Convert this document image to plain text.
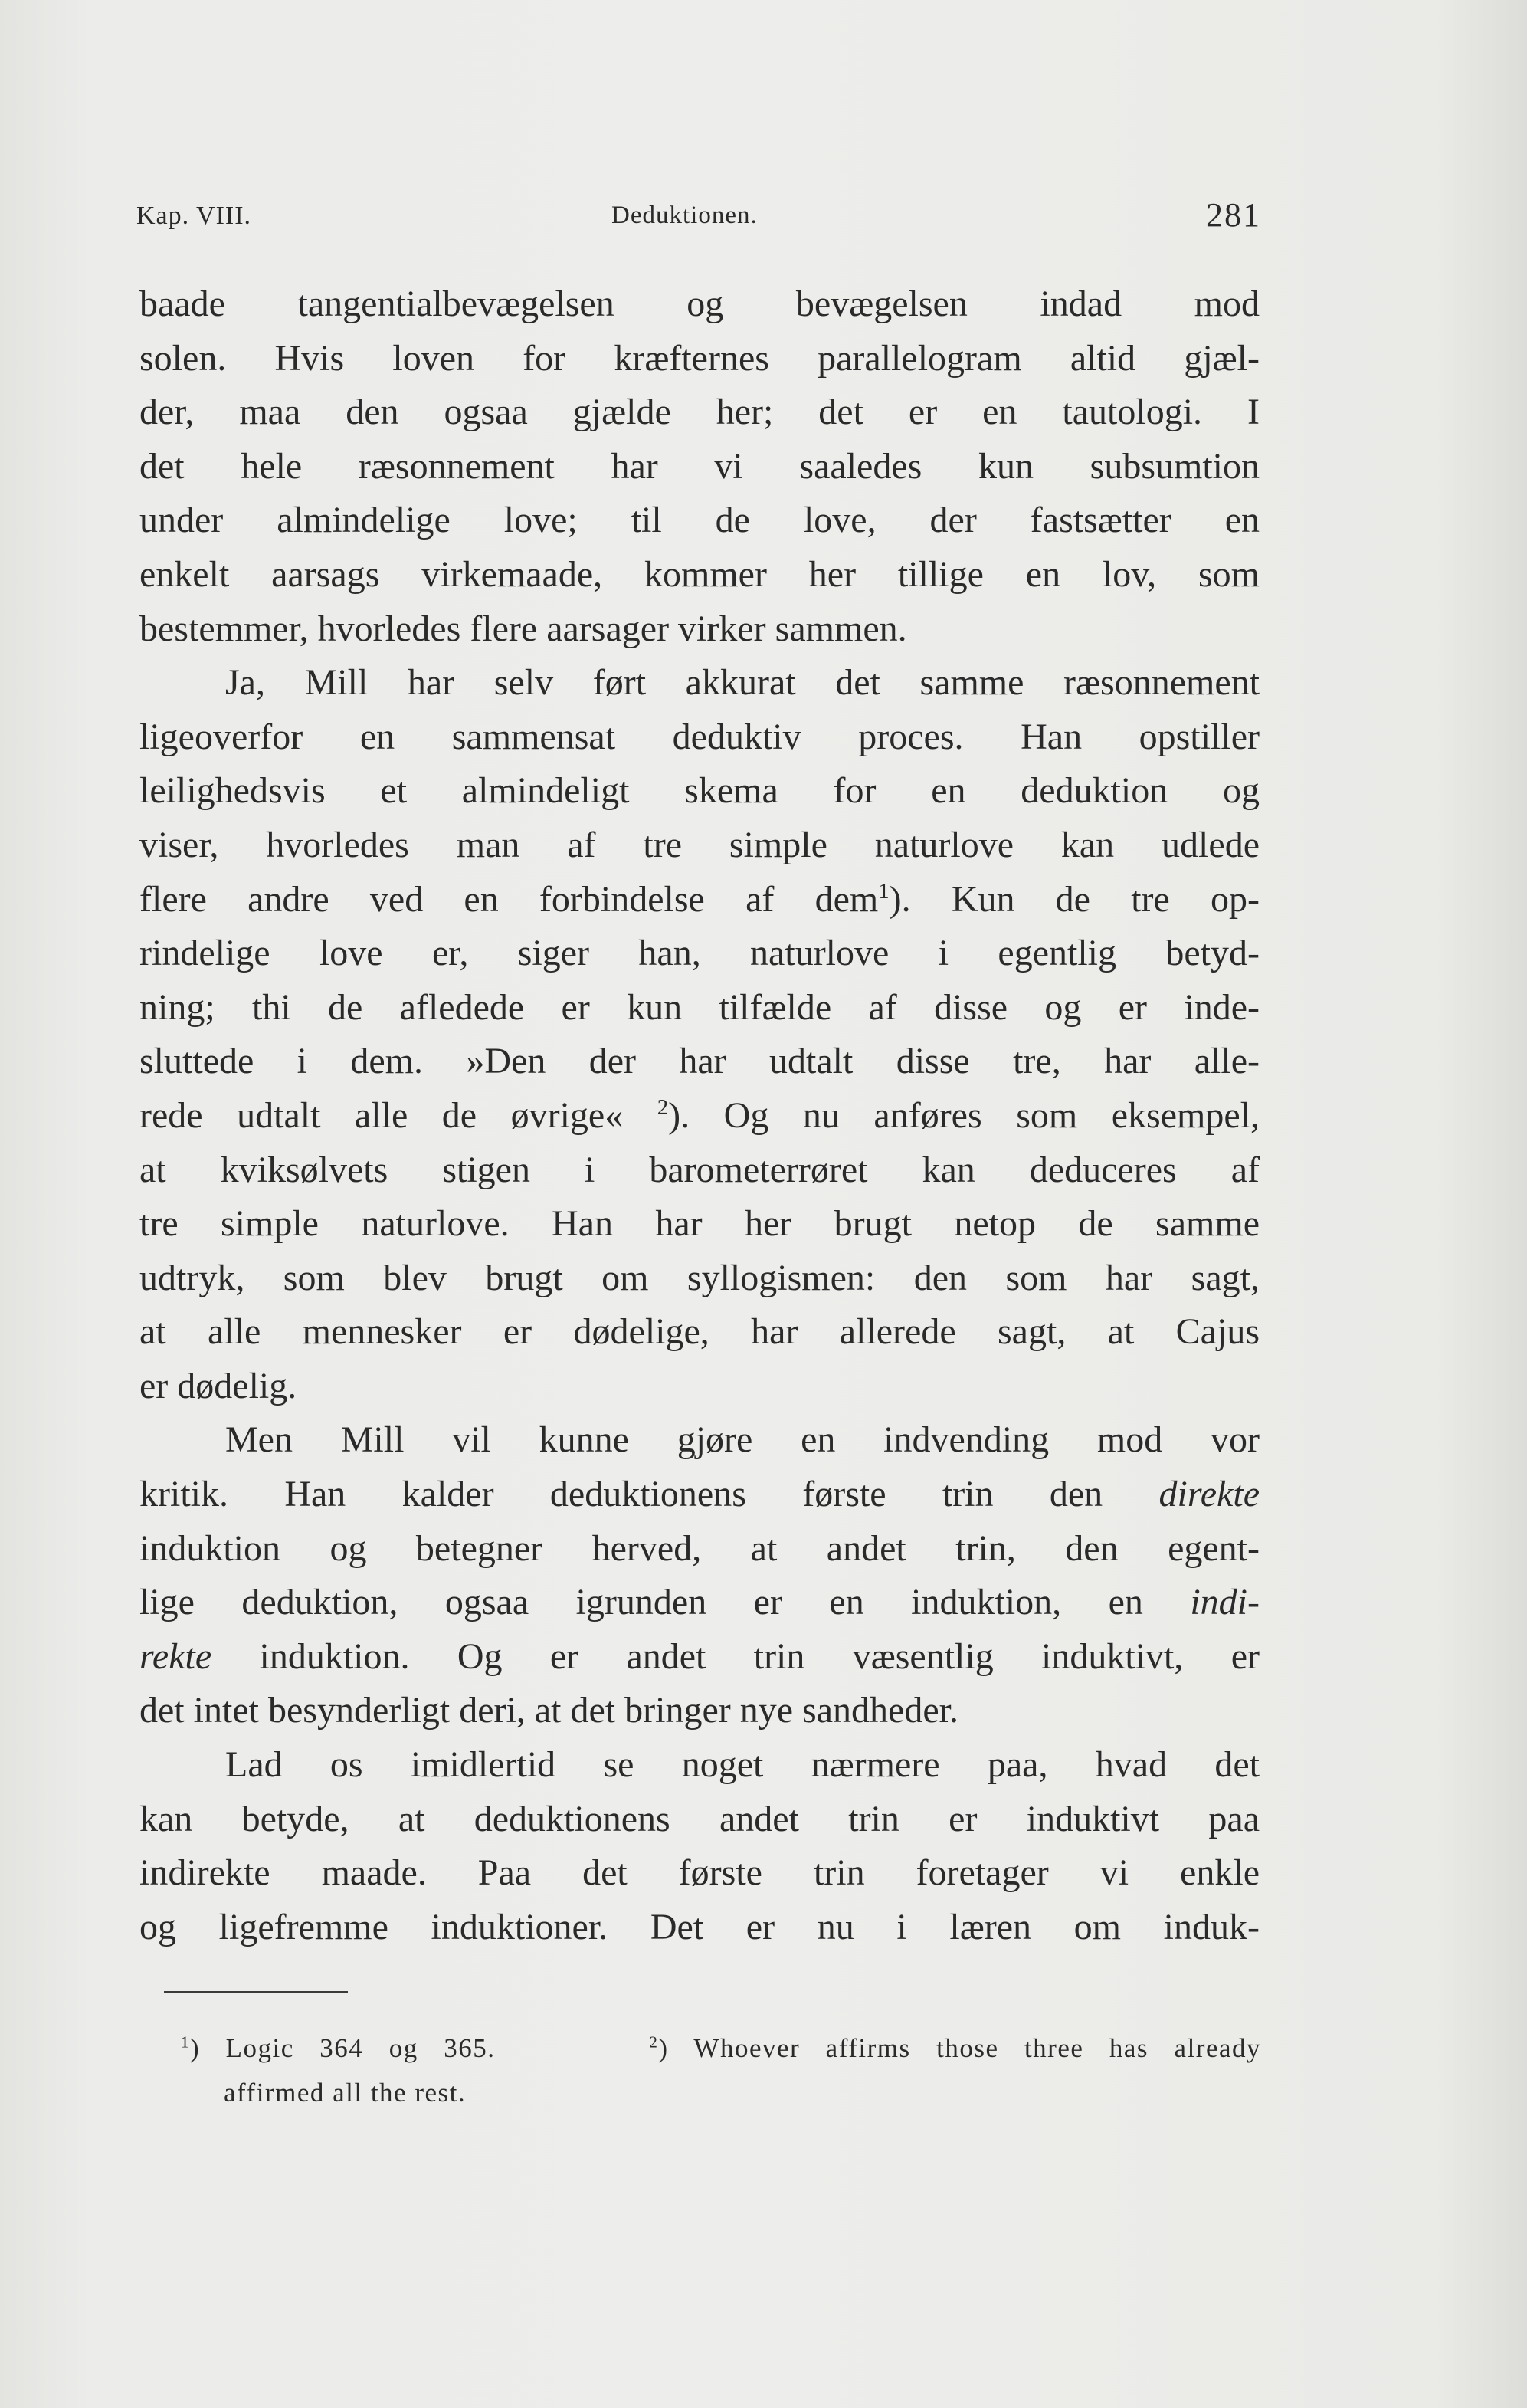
Kap. VIII.	Deduktionen.	281
baade tangentialbevægelsen og bevægelsen indad mod
solen. Hvis loven for kræfternes parallelogram altid gjæl-
der, maa den ogsaa gjælde her; det er en tautologi. I
det hele ræsonnement har vi saaledes kun subsumtion
under almindelige love; til de love, der fastsætter en
enkelt aarsags virkemaade, kommer her tillige en lov, som
bestemmer, hvorledes flere aarsager virker sammen.
Ja, Mill har selv ført akkurat det samme ræsonnement
ligeoverfor en sammensat deduktiv proces. Han opstiller
leilighedsvis et almindeligt skema for en deduktion og
viser, hvorledes man af tre simple naturlove kan udlede
flere andre ved en forbindelse af dem$^1$). Kun de tre op-
rindelige love er, siger han, naturlove i egentlig betyd-
ning; thi de afledede er kun tilfælde af disse og er inde-
sluttede i dem. »Den der har udtalt disse tre, har alle-
rede udtalt alle de øvrige« $^2$). Og nu anføres som eksempel,
at kviksølvets stigen i barometerrøret kan deduceres af
tre simple naturlove. Han har her brugt netop de samme
udtryk, som blev brugt om syllogismen: den som har sagt,
at alle mennesker er dødelige, har allerede sagt, at Cajus
er dødelig.
Men Mill vil kunne gjøre en indvending mod vor
kritik. Han kalder deduktionens første trin den direkte
induktion og betegner herved, at andet trin, den egent-
lige deduktion, ogsaa igrunden er en induktion, en indi-
rekte induktion. Og er andet trin væsentlig induktivt, er
det intet besynderligt deri, at det bringer nye sandheder.
Lad os imidlertid se noget nærmere paa, hvad det
kan betyde, at deduktionens andet trin er induktivt paa
indirekte maade. Paa det første trin foretager vi enkle
og ligefremme induktioner. Det er nu i læren om induk-
$^1$) Logic 364 og 365.	$^2$) Whoever affirms those three has already
affirmed all the rest.
